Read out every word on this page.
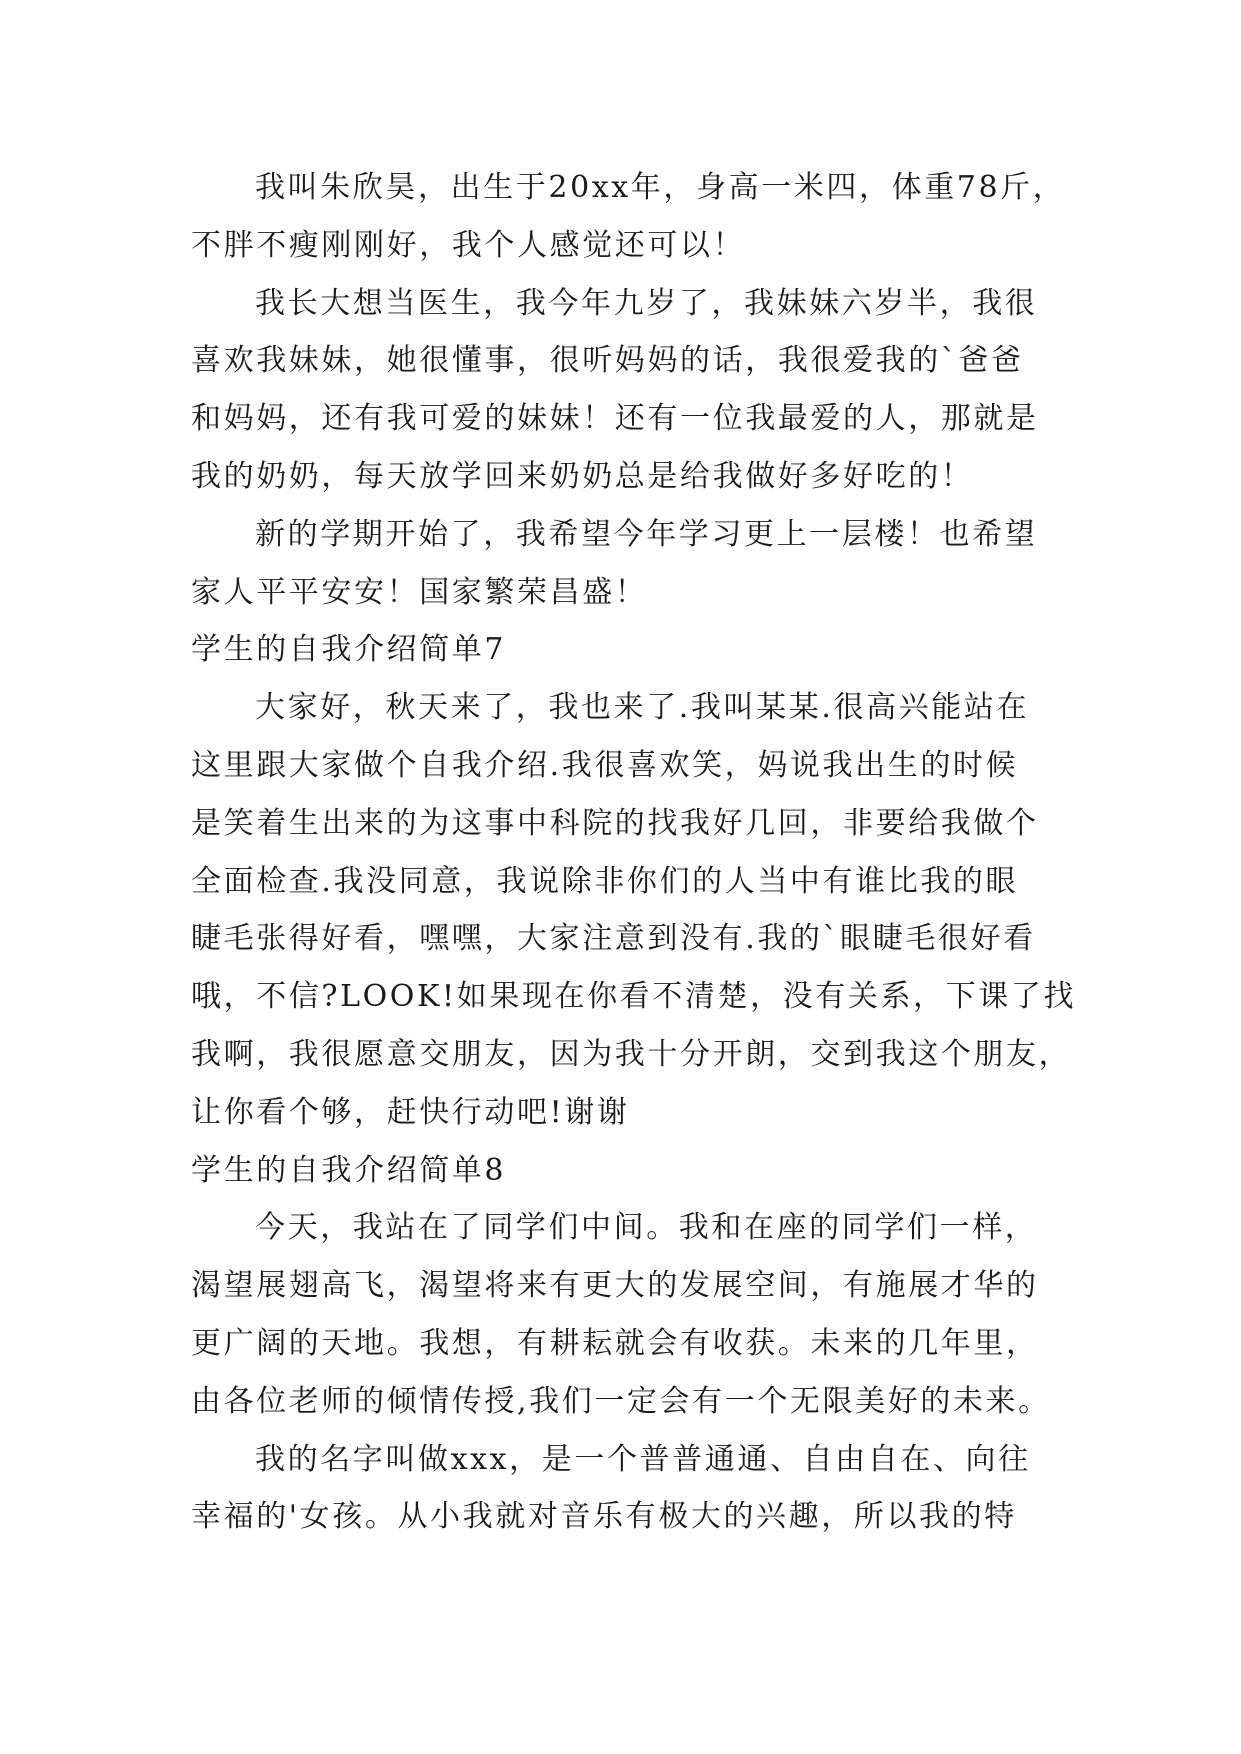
我叫朱欣昊，出生于20xx年，身高一米四，体重78斤，
不胖不瘦刚刚好，我个人感觉还可以！

我长大想当医生，我今年九岁了，我妹妹六岁半，我很
喜欢我妹妹，她很懂事，很听妈妈的话，我很爱我的`爸爸
和妈妈，还有我可爱的妹妹！还有一位我最爱的人，那就是
我的奶奶，每天放学回来奶奶总是给我做好多好吃的！

新的学期开始了，我希望今年学习更上一层楼！也希望
家人平平安安！国家繁荣昌盛！

学生的自我介绍简单7

大家好，秋天来了，我也来了.我叫某某.很高兴能站在
这里跟大家做个自我介绍.我很喜欢笑，妈说我出生的时候
是笑着生出来的为这事中科院的找我好几回，非要给我做个
全面检查.我没同意，我说除非你们的人当中有谁比我的眼
睫毛张得好看，嘿嘿，大家注意到没有.我的`眼睫毛很好看
哦，不信?LOOK!如果现在你看不清楚，没有关系，下课了找
我啊，我很愿意交朋友，因为我十分开朗，交到我这个朋友，
让你看个够，赶快行动吧!谢谢

学生的自我介绍简单8

今天，我站在了同学们中间。我和在座的同学们一样，
渴望展翅高飞，渴望将来有更大的发展空间，有施展才华的
更广阔的天地。我想，有耕耘就会有收获。未来的几年里，
由各位老师的倾情传授,我们一定会有一个无限美好的未来。

我的名字叫做xxx，是一个普普通通、自由自在、向往
幸福的'女孩。从小我就对音乐有极大的兴趣，所以我的特
